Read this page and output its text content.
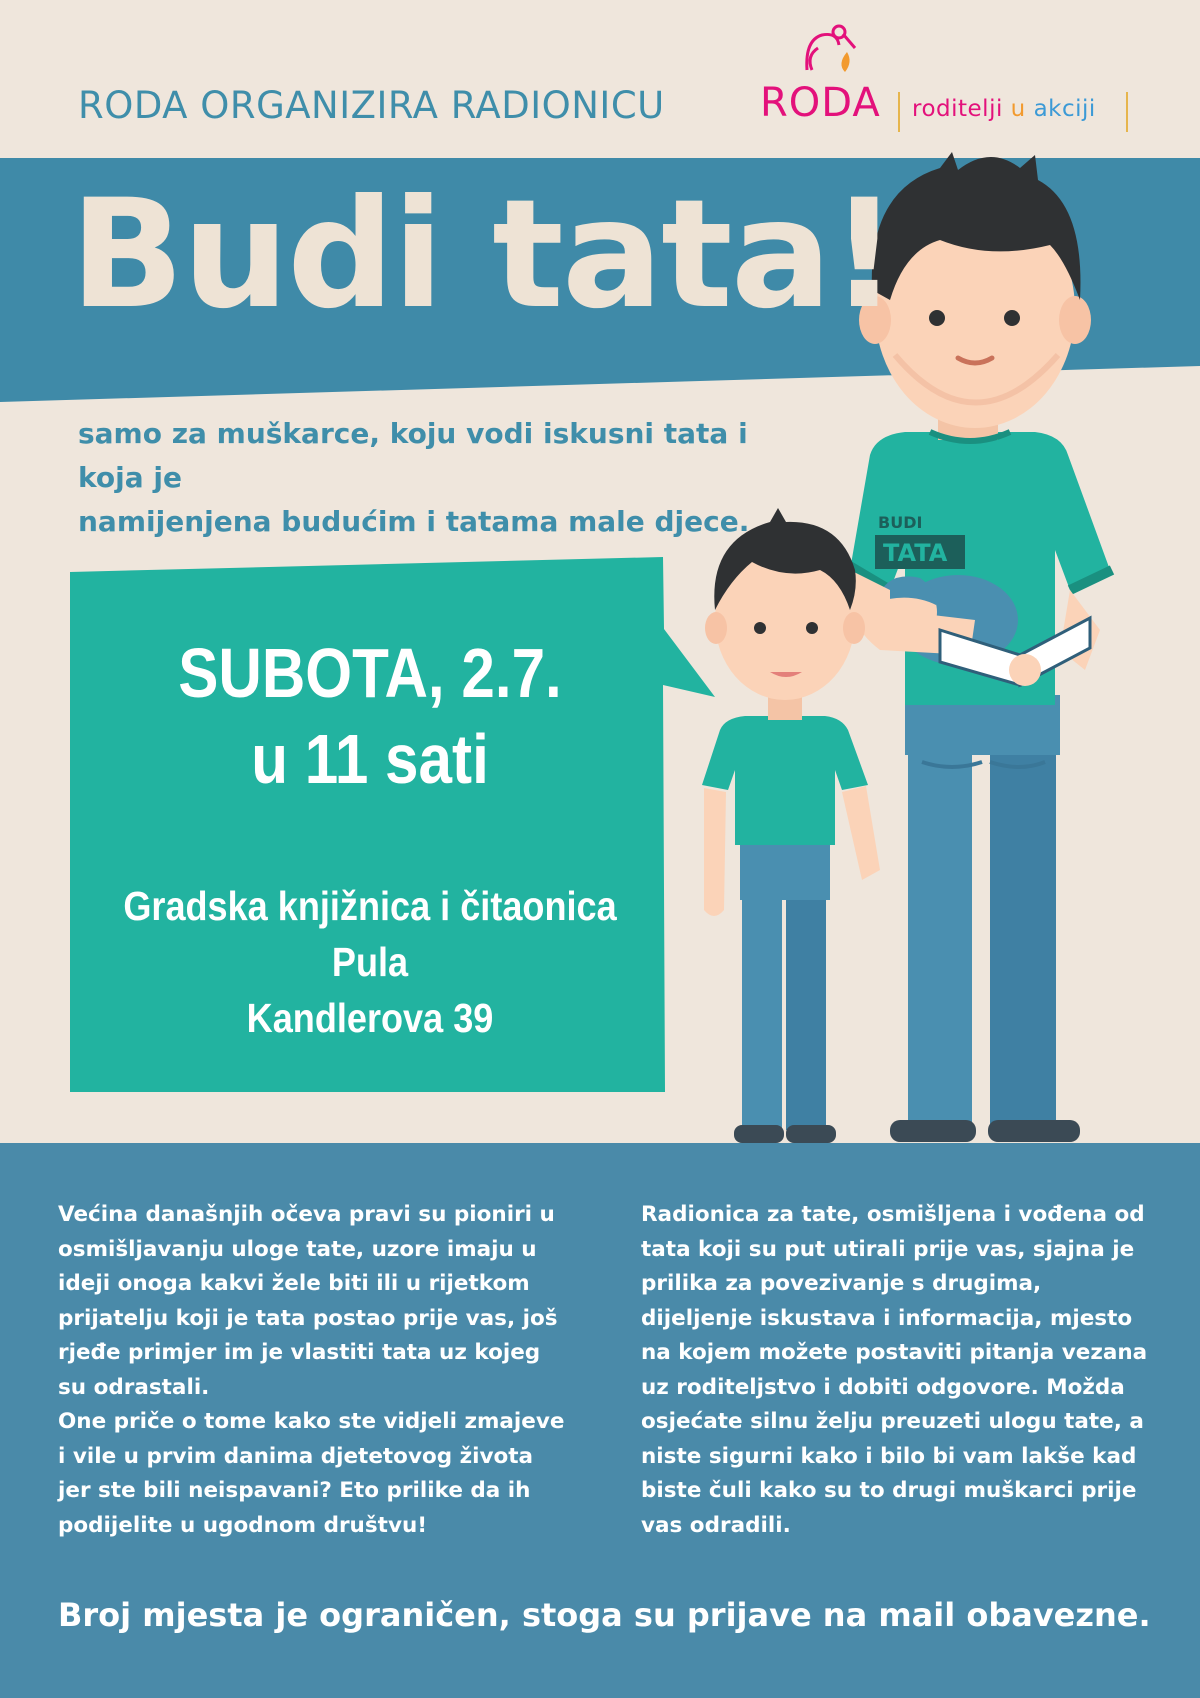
BUDI
TATA
RODA ORGANIZIRA RADIONICU RODA roditelji u akciji
Budi tata!
samo za muškarce, koju vodi iskusni tata i koja je
namijenjena budućim i tatama male djece.
SUBOTA, 2.7.
u 11 sati
Gradska knjižnica i čitaonica
Pula
Kandlerova 39

Većina današnjih očeva pravi su pioniri u osmišljavanju uloge tate, uzore imaju u ideji onoga kakvi žele biti ili u rijetkom prijatelju koji je tata postao prije vas, još rjeđe primjer im je vlastiti tata uz kojeg su odrastali.

One priče o tome kako ste vidjeli zmajeve i vile u prvim danima djetetovog života jer ste bili neispavani? Eto prilike da ih podijelite u ugodnom društvu!

Radionica za tate, osmišljena i vođena od tata koji su put utirali prije vas, sjajna je prilika za povezivanje s drugima, dijeljenje iskustava i informacija, mjesto na kojem možete postaviti pitanja vezana uz roditeljstvo i dobiti odgovore. Možda osjećate silnu želju preuzeti ulogu tate, a niste sigurni kako i bilo bi vam lakše kad biste čuli kako su to drugi muškarci prije vas odradili.

Broj mjesta je ograničen, stoga su prijave na mail obavezne.
